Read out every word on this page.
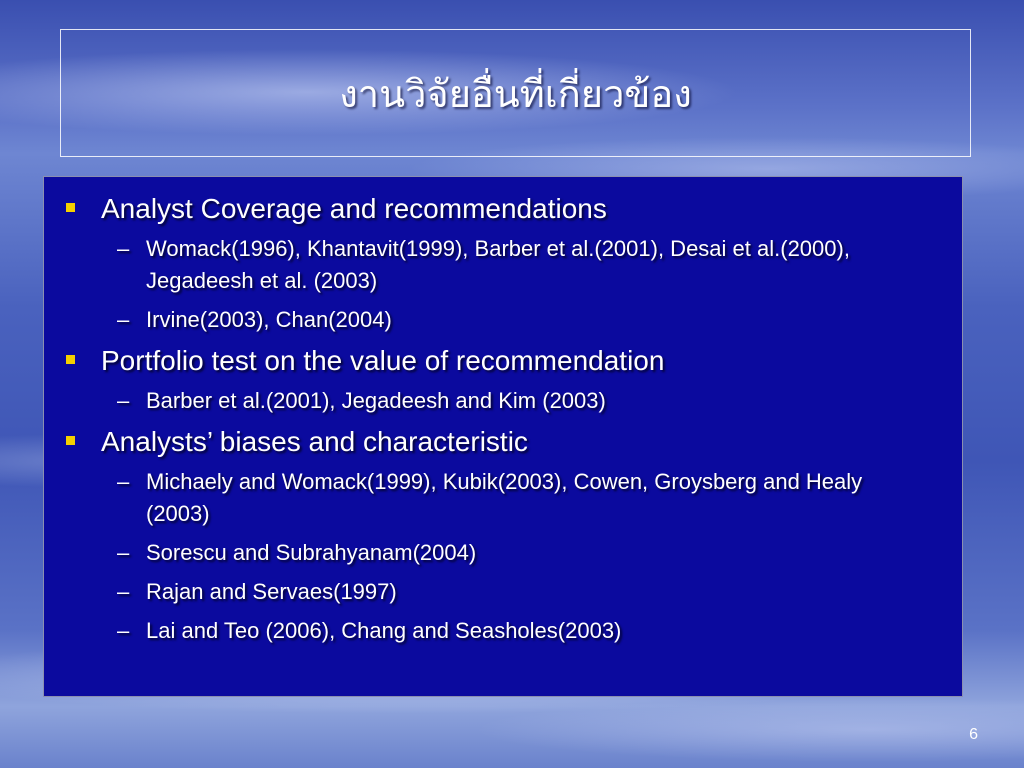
งานวิจัยอื่นที่เกี่ยวข้อง
Analyst Coverage and recommendations
– Womack(1996), Khantavit(1999), Barber et al.(2001), Desai et al.(2000), Jegadeesh et al. (2003)
– Irvine(2003), Chan(2004)
Portfolio test on the value of recommendation
– Barber et al.(2001), Jegadeesh and Kim (2003)
Analysts’ biases and characteristic
– Michaely and Womack(1999), Kubik(2003), Cowen, Groysberg and Healy (2003)
– Sorescu and Subrahyanam(2004)
– Rajan and Servaes(1997)
– Lai and Teo (2006), Chang and Seasholes(2003)
6
